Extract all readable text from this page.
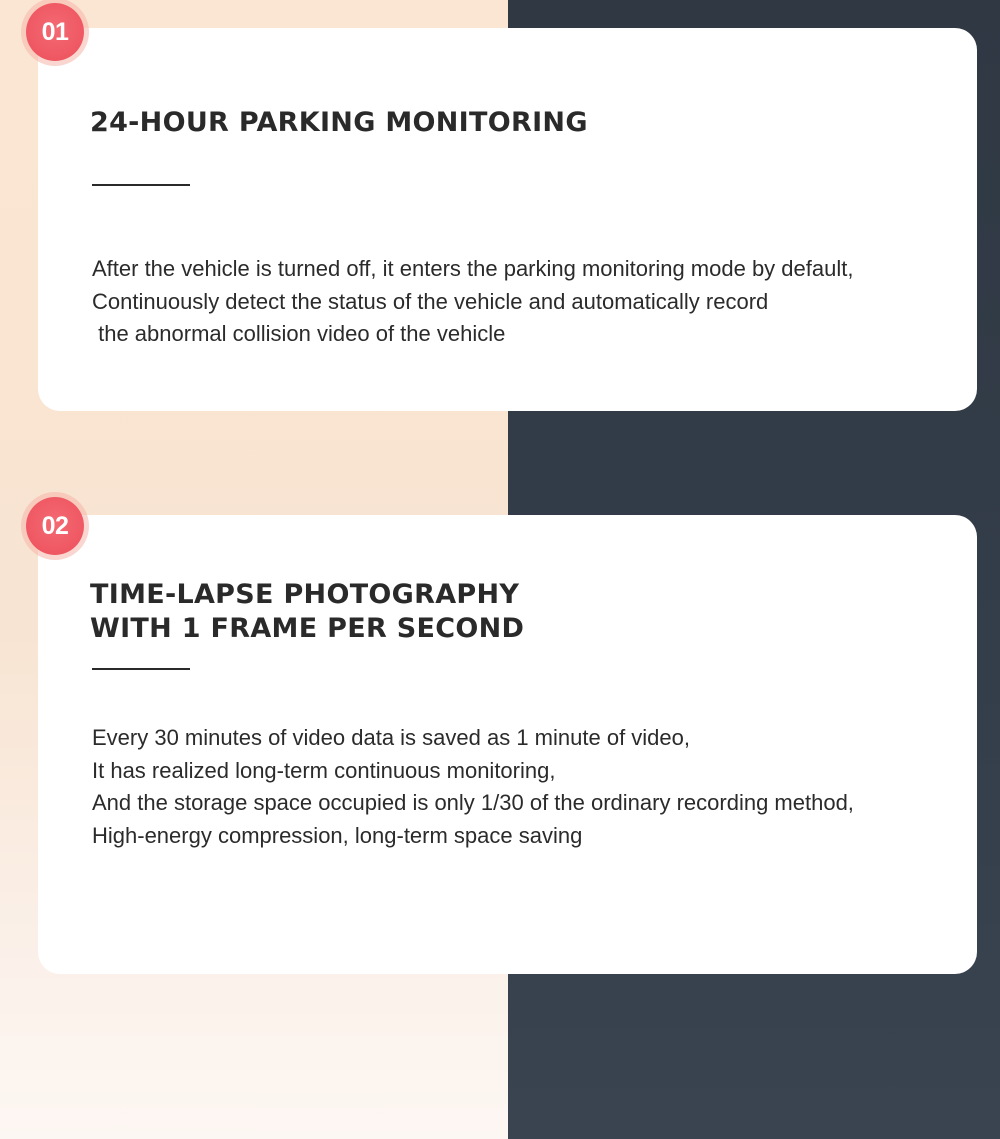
24-HOUR PARKING MONITORING

After the vehicle is turned off, it enters the parking monitoring mode by default,
Continuously detect the status of the vehicle and automatically record
the abnormal collision video of the vehicle

01
TIME-LAPSE PHOTOGRAPHY
WITH 1 FRAME PER SECOND

Every 30 minutes of video data is saved as 1 minute of video,
It has realized long-term continuous monitoring,
And the storage space occupied is only 1/30 of the ordinary recording method,
High-energy compression, long-term space saving

02
